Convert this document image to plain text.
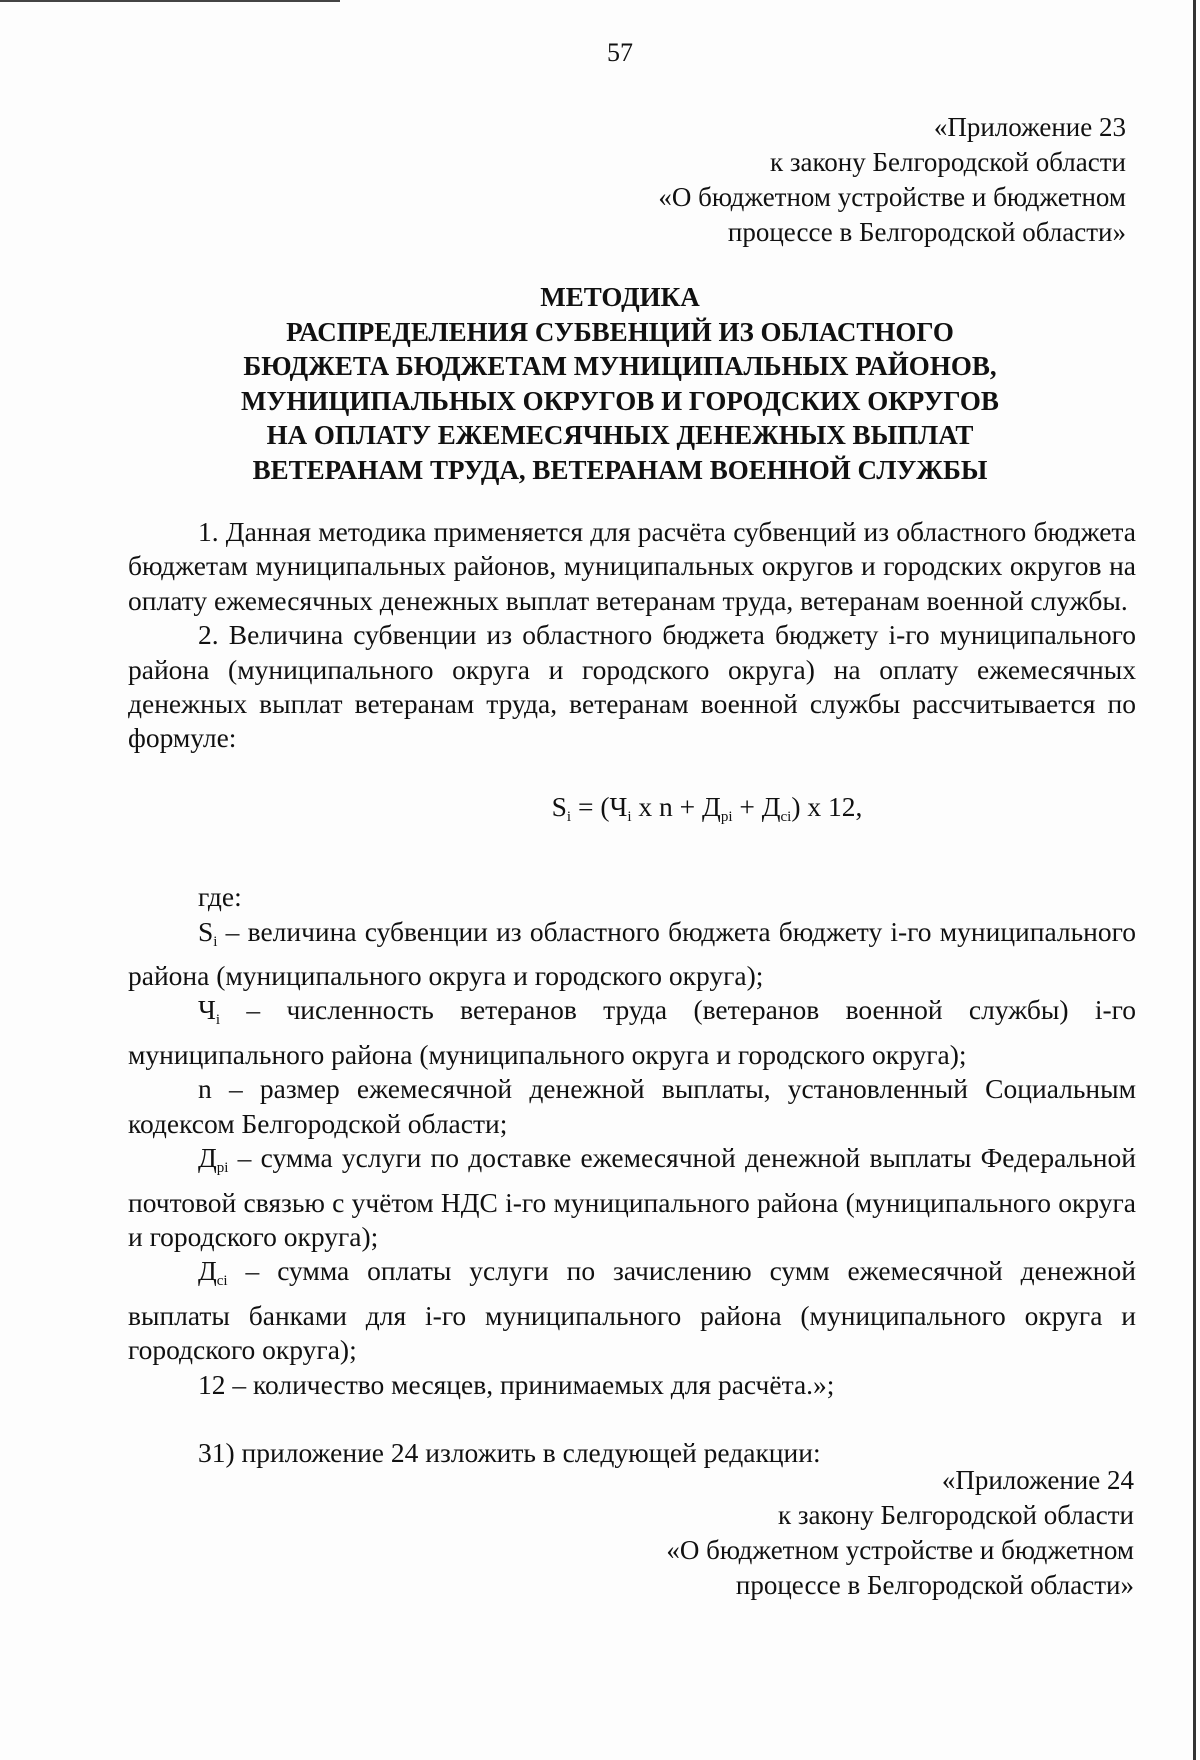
57
«Приложение 23
к закону Белгородской области
«О бюджетном устройстве и бюджетном
процессе в Белгородской области»
МЕТОДИКА
РАСПРЕДЕЛЕНИЯ СУБВЕНЦИЙ ИЗ ОБЛАСТНОГО
БЮДЖЕТА БЮДЖЕТАМ МУНИЦИПАЛЬНЫХ РАЙОНОВ,
МУНИЦИПАЛЬНЫХ ОКРУГОВ И ГОРОДСКИХ ОКРУГОВ
НА ОПЛАТУ ЕЖЕМЕСЯЧНЫХ ДЕНЕЖНЫХ ВЫПЛАТ
ВЕТЕРАНАМ ТРУДА, ВЕТЕРАНАМ ВОЕННОЙ СЛУЖБЫ

1. Данная методика применяется для расчёта субвенций из областного бюджета бюджетам муниципальных районов, муниципальных округов и городских округов на оплату ежемесячных денежных выплат ветеранам труда, ветеранам военной службы.

2. Величина субвенции из областного бюджета бюджету i-го муниципального района (муниципального округа и городского округа) на оплату ежемесячных денежных выплат ветеранам труда, ветеранам военной службы рассчитывается по формуле:

$S_i = (Ч_i$ x $n + Д_{pi} + Д_{ci}$) x 12,

где:

$S_i$ – величина субвенции из областного бюджета бюджету i-го муниципального района (муниципального округа и городского округа);

$Ч_i$ – численность ветеранов труда (ветеранов военной службы) i-го муниципального района (муниципального округа и городского округа);

n – размер ежемесячной денежной выплаты, установленный Социальным кодексом Белгородской области;

$Д_{pi}$ – сумма услуги по доставке ежемесячной денежной выплаты Федеральной почтовой связью с учётом НДС i-го муниципального района (муниципального округа и городского округа);

$Д_{ci}$ – сумма оплаты услуги по зачислению сумм ежемесячной денежной выплаты банками для i-го муниципального района (муниципального округа и городского округа);

12 – количество месяцев, принимаемых для расчёта.»;

31) приложение 24 изложить в следующей редакции:

«Приложение 24
к закону Белгородской области
«О бюджетном устройстве и бюджетном
процессе в Белгородской области»
